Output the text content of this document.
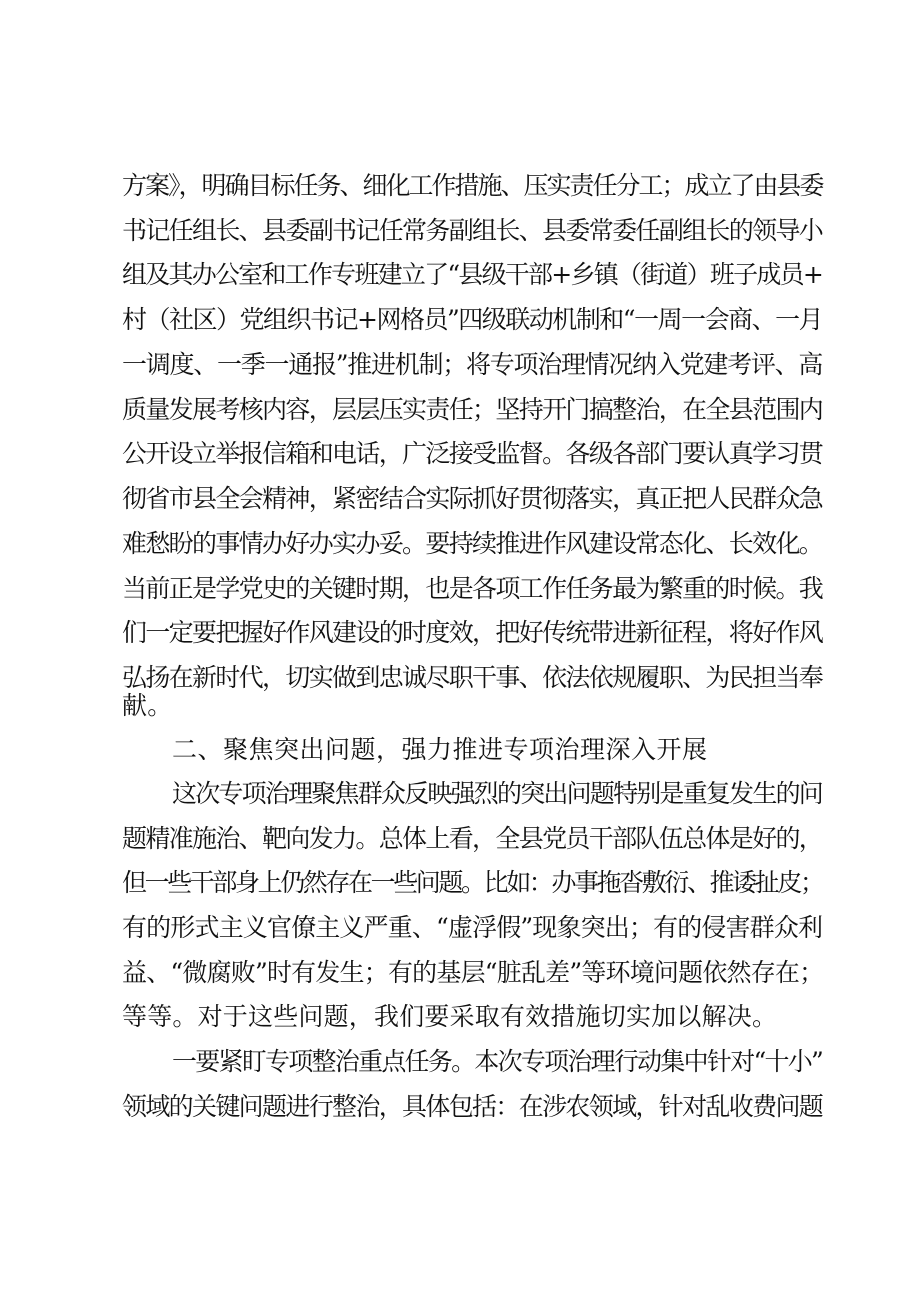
方案》，明确目标任务、细化工作措施、压实责任分工；成立了由县委
书记任组长、县委副书记任常务副组长、县委常委任副组长的领导小
组及其办公室和工作专班建立了“县级干部+乡镇（街道）班子成员+
村（社区）党组织书记+网格员”四级联动机制和“一周一会商、一月
一调度、一季一通报”推进机制；将专项治理情况纳入党建考评、高
质量发展考核内容，层层压实责任；坚持开门搞整治，在全县范围内
公开设立举报信箱和电话，广泛接受监督。各级各部门要认真学习贯
彻省市县全会精神，紧密结合实际抓好贯彻落实，真正把人民群众急
难愁盼的事情办好办实办妥。要持续推进作风建设常态化、长效化。
当前正是学党史的关键时期，也是各项工作任务最为繁重的时候。我
们一定要把握好作风建设的时度效，把好传统带进新征程，将好作风
弘扬在新时代，切实做到忠诚尽职干事、依法依规履职、为民担当奉
献。
二、聚焦突出问题，强力推进专项治理深入开展
这次专项治理聚焦群众反映强烈的突出问题特别是重复发生的问
题精准施治、靶向发力。总体上看，全县党员干部队伍总体是好的，
但一些干部身上仍然存在一些问题。比如：办事拖沓敷衍、推诿扯皮；
有的形式主义官僚主义严重、“虚浮假”现象突出；有的侵害群众利
益、“微腐败”时有发生；有的基层“脏乱差”等环境问题依然存在；
等等。对于这些问题，我们要采取有效措施切实加以解决。
一要紧盯专项整治重点任务。本次专项治理行动集中针对“十小”
领域的关键问题进行整治，具体包括：在涉农领域，针对乱收费问题
